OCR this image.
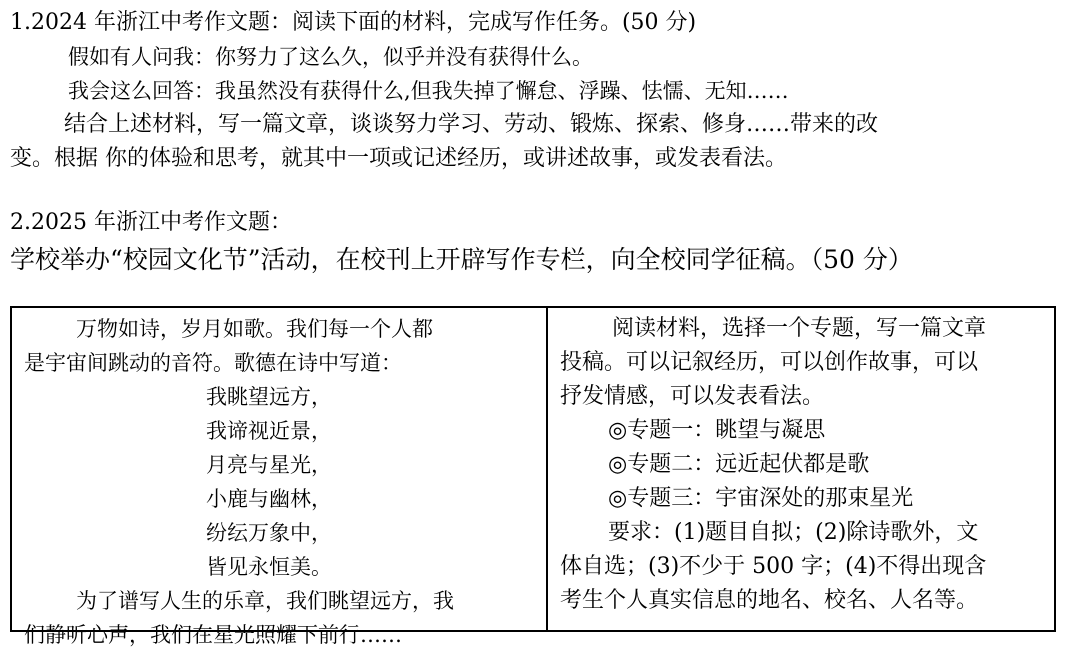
1.2024 年浙江中考作文题：阅读下面的材料，完成写作任务。(50 分)
假如有人问我：你努力了这么久，似乎并没有获得什么。
我会这么回答：我虽然没有获得什么,但我失掉了懈怠、浮躁、怯懦、无知……
结合上述材料，写一篇文章，谈谈努力学习、劳动、锻炼、探索、修身……带来的改
变。根据 你的体验和思考，就其中一项或记述经历，或讲述故事，或发表看法。
2.2025 年浙江中考作文题：
学校举办“校园文化节”活动，在校刊上开辟写作专栏，向全校同学征稿。（50 分）

万物如诗，岁月如歌。我们每一个人都

是宇宙间跳动的音符。歌德在诗中写道：

我眺望远方，

我谛视近景，

月亮与星光，

小鹿与幽林，

纷纭万象中，

皆见永恒美。

为了谱写人生的乐章，我们眺望远方，我

们静听心声，我们在星光照耀下前行……

阅读材料，选择一个专题，写一篇文章

投稿。可以记叙经历，可以创作故事，可以

抒发情感，可以发表看法。

◎专题一：眺望与凝思

◎专题二：远近起伏都是歌

◎专题三：宇宙深处的那束星光

要求：(1)题目自拟；(2)除诗歌外，文

体自选；(3)不少于 500 字；(4)不得出现含

考生个人真实信息的地名、校名、人名等。
